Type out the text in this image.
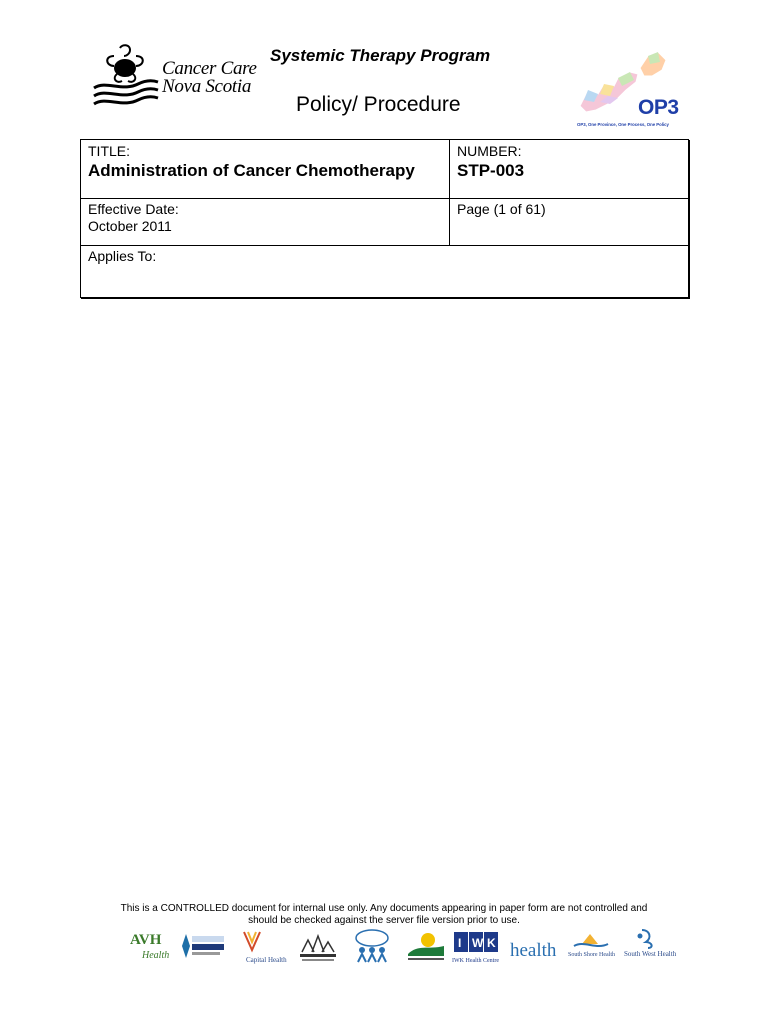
Cancer Care
Nova Scotia
Systemic Therapy Program
Policy/ Procedure	OP3
OP3, One Province, One Process, One Policy
TITLE:
Administration of Cancer Chemotherapy
NUMBER:
STP-003
Effective Date:
October 2011
Page (1 of 61)
Applies To:
This is a CONTROLLED document for internal use only. Any documents appearing in paper form are not controlled and
should be checked against the server file version prior to use.
AVH
Health	Capital Health
I W K
IWK Health Centre health South Shore Health South West Health
